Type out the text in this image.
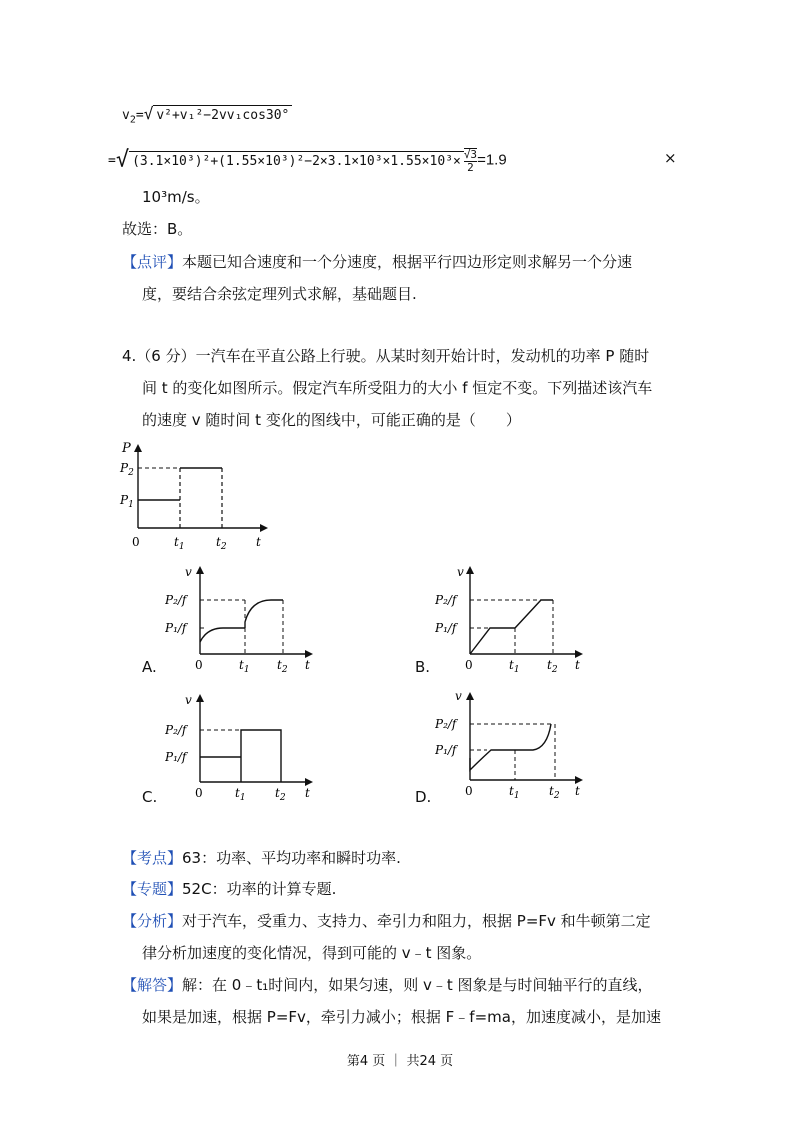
$v_2=√$ v²+v₁²−2vv₁cos30°
=√ $(3.1\times 10^3)^2+(1.55\times 10^3)^2-2\times 3.1\times 10^3\times 1.55\times 10^3\times \frac{√3}{2} =1.9$	×
10³m/s。
故选：B。
【点评】本题已知合速度和一个分速度，根据平行四边形定则求解另一个分速
度，要结合余弦定理列式求解，基础题目.
4.（6 分）一汽车在平直公路上行驶。从某时刻开始计时，发动机的功率 P 随时
间 t 的变化如图所示。假定汽车所受阻力的大小 f 恒定不变。下列描述该汽车
的速度 v 随时间 t 变化的图线中，可能正确的是（　　）
P
$P_2$
$P_1$
0	$t_1$	$t_2$ t
v
P₂/f
P₁/f
0	$t_1$ $t_2$ t
A.
v
P₂/f
P₁/f
0	$t_1$ $t_2$ t
B.
v
P₂/f
P₁/f
0	$t_1$ $t_2$ t
C.
v
P₂/f
P₁/f
0	$t_1$ $t_2$ t
D.
【考点】63：功率、平均功率和瞬时功率.
【专题】52C：功率的计算专题.
【分析】对于汽车，受重力、支持力、牵引力和阻力，根据 P=Fv 和牛顿第二定
律分析加速度的变化情况，得到可能的 v﹣t 图象。
【解答】解：在 0﹣t₁时间内，如果匀速，则 v﹣t 图象是与时间轴平行的直线，
如果是加速，根据 P=Fv，牵引力减小；根据 F﹣f=ma，加速度减小，是加速
第4 页 ｜ 共24 页
